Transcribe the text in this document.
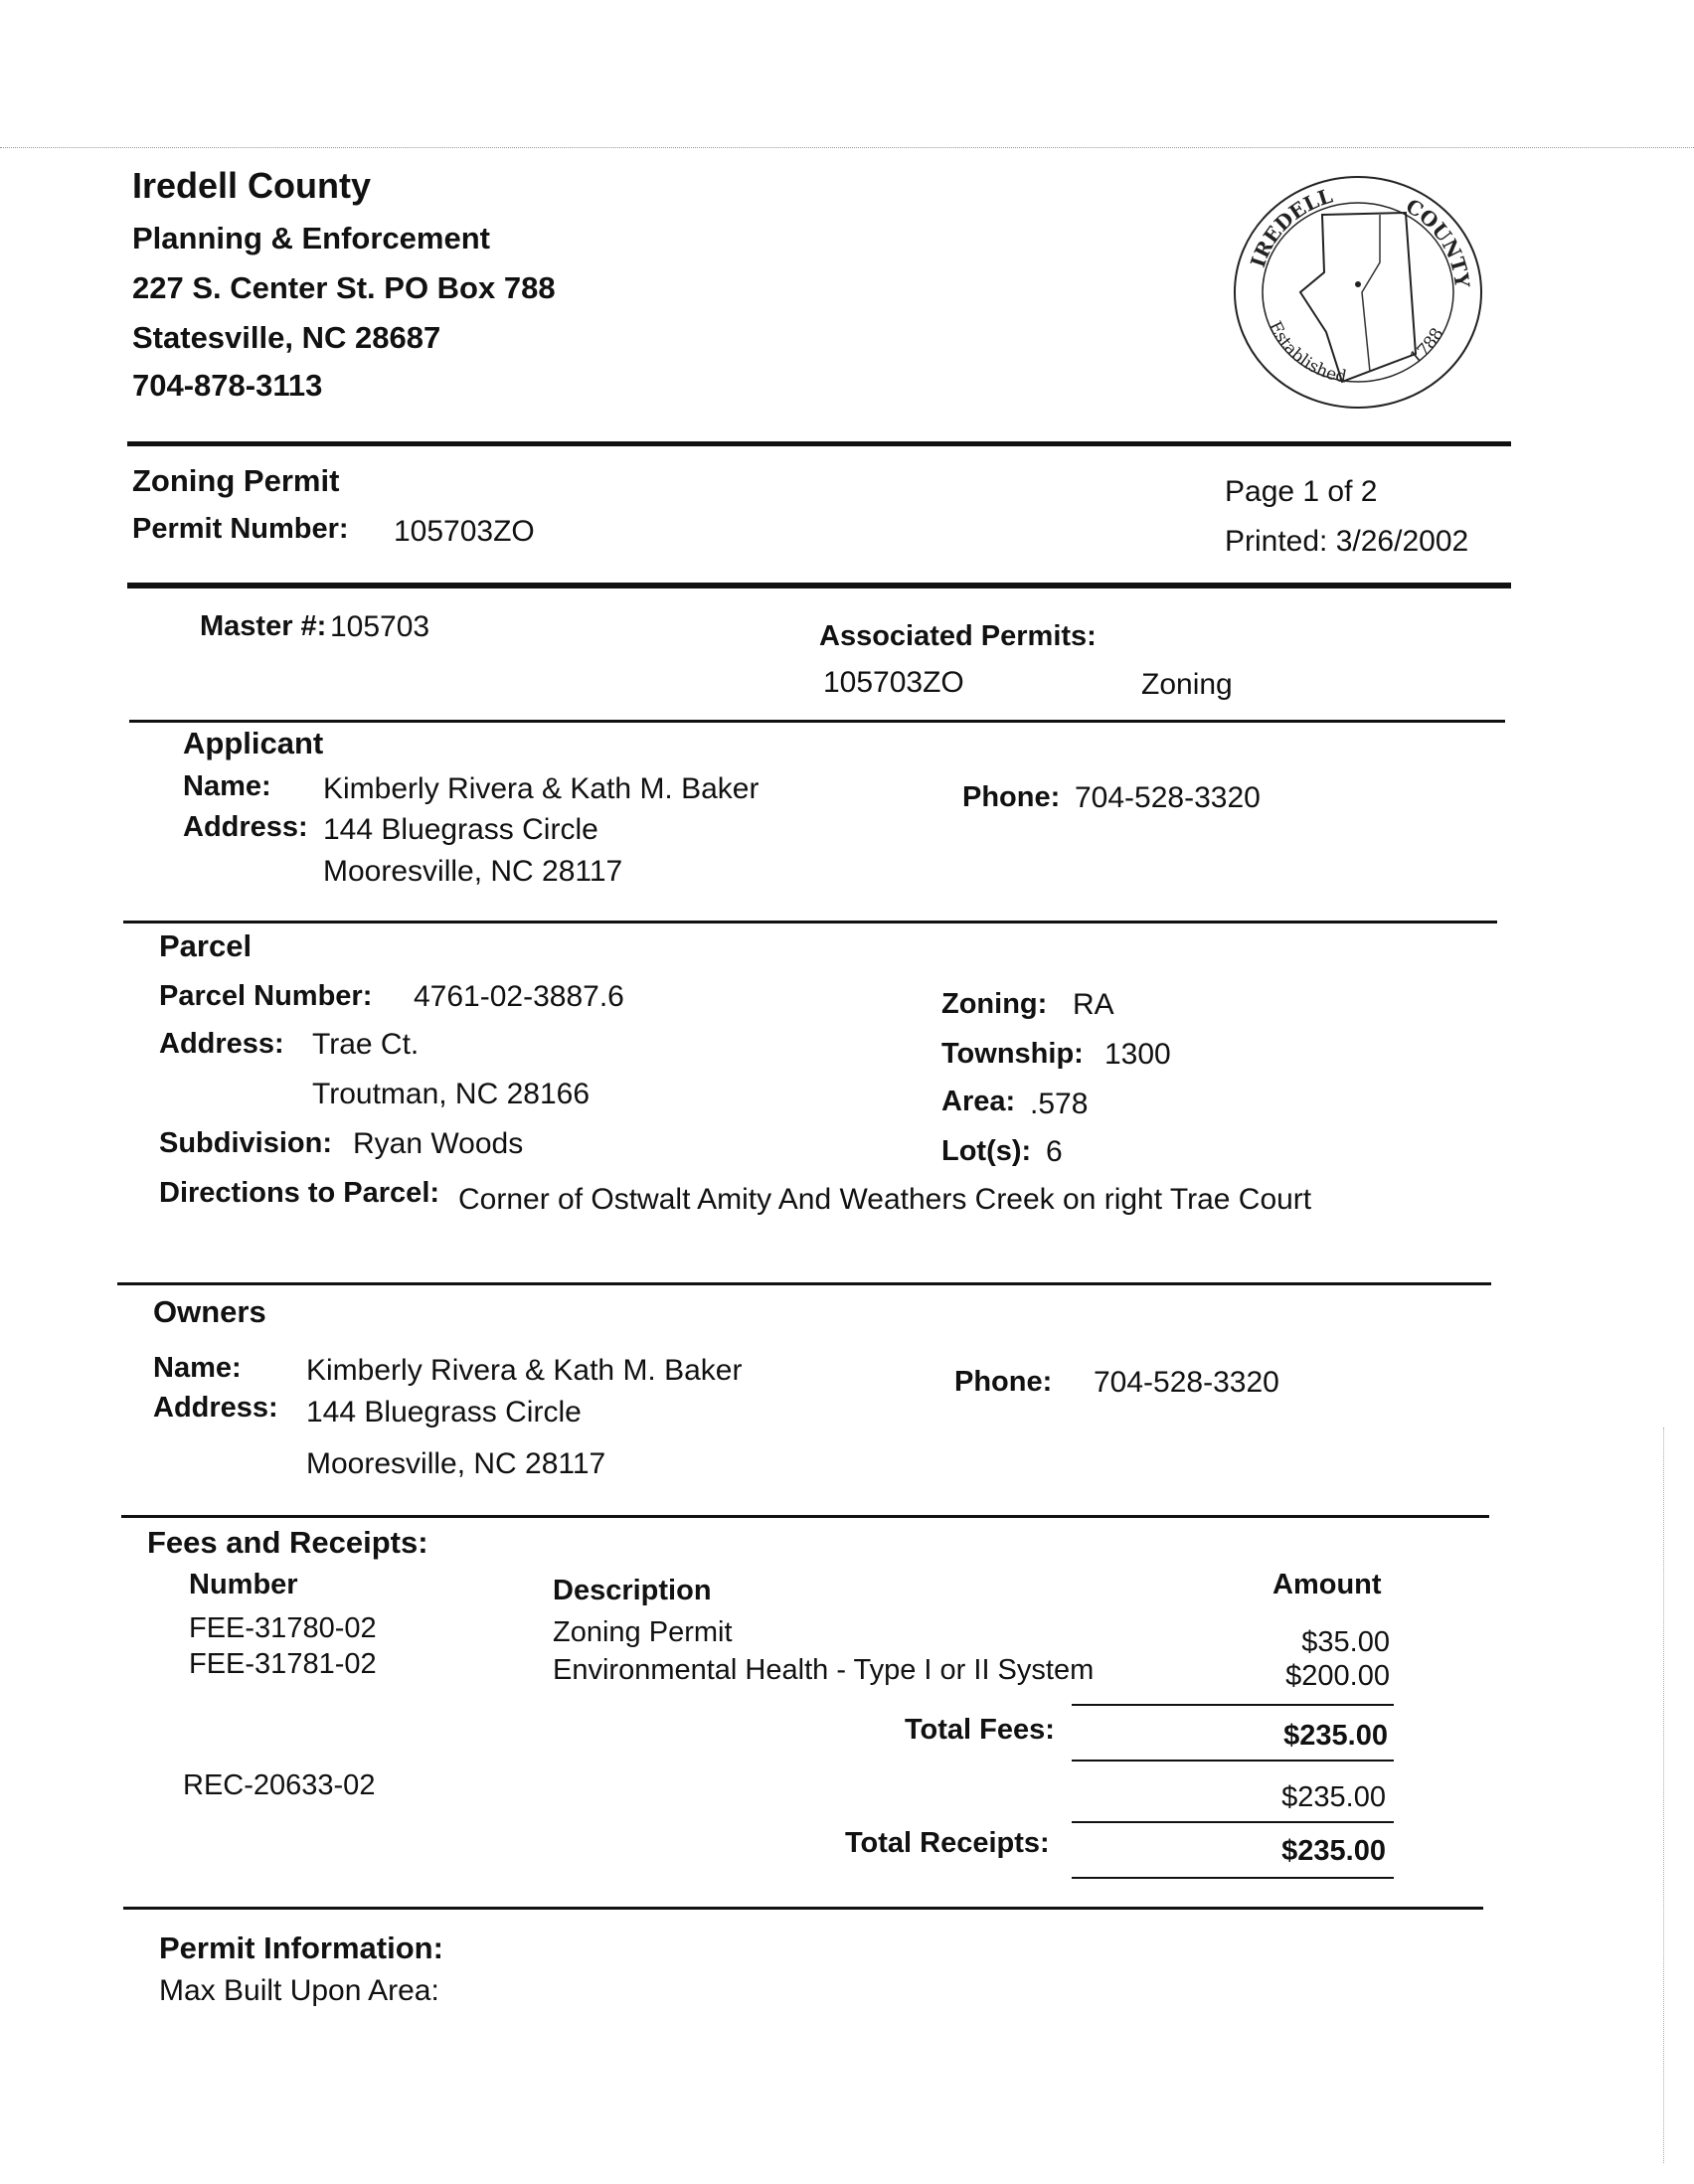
Iredell County
Planning & Enforcement
227 S. Center St. PO Box 788
Statesville, NC 28687
704-878-3113
IREDELL	COUNTY
Established
1788
Zoning Permit
Permit Number: 105703ZO
Page 1 of 2
Printed: 3/26/2002
Master #: 105703	Associated Permits:
105703ZO	Zoning
Applicant
Name: Kimberly Rivera & Kath M. Baker
Address: 144 Bluegrass Circle
Mooresville, NC 28117
Phone: 704-528-3320
Parcel
Parcel Number: 4761-02-3887.6
Address: Trae Ct.
Troutman, NC 28166
Subdivision: Ryan Woods
Directions to Parcel: Corner of Ostwalt Amity And Weathers Creek on right Trae Court
Zoning: RA
Township: 1300
Area: .578
Lot(s): 6
Owners
Name: Kimberly Rivera & Kath M. Baker
Address: 144 Bluegrass Circle
Mooresville, NC 28117
Phone: 704-528-3320
Fees and Receipts:
Number	Description	Amount
FEE-31780-02	Zoning Permit	$35.00
FEE-31781-02	Environmental Health - Type I or II System	$200.00
Total Fees:	$235.00
REC-20633-02	$235.00
Total Receipts:	$235.00
Permit Information:
Max Built Upon Area:
